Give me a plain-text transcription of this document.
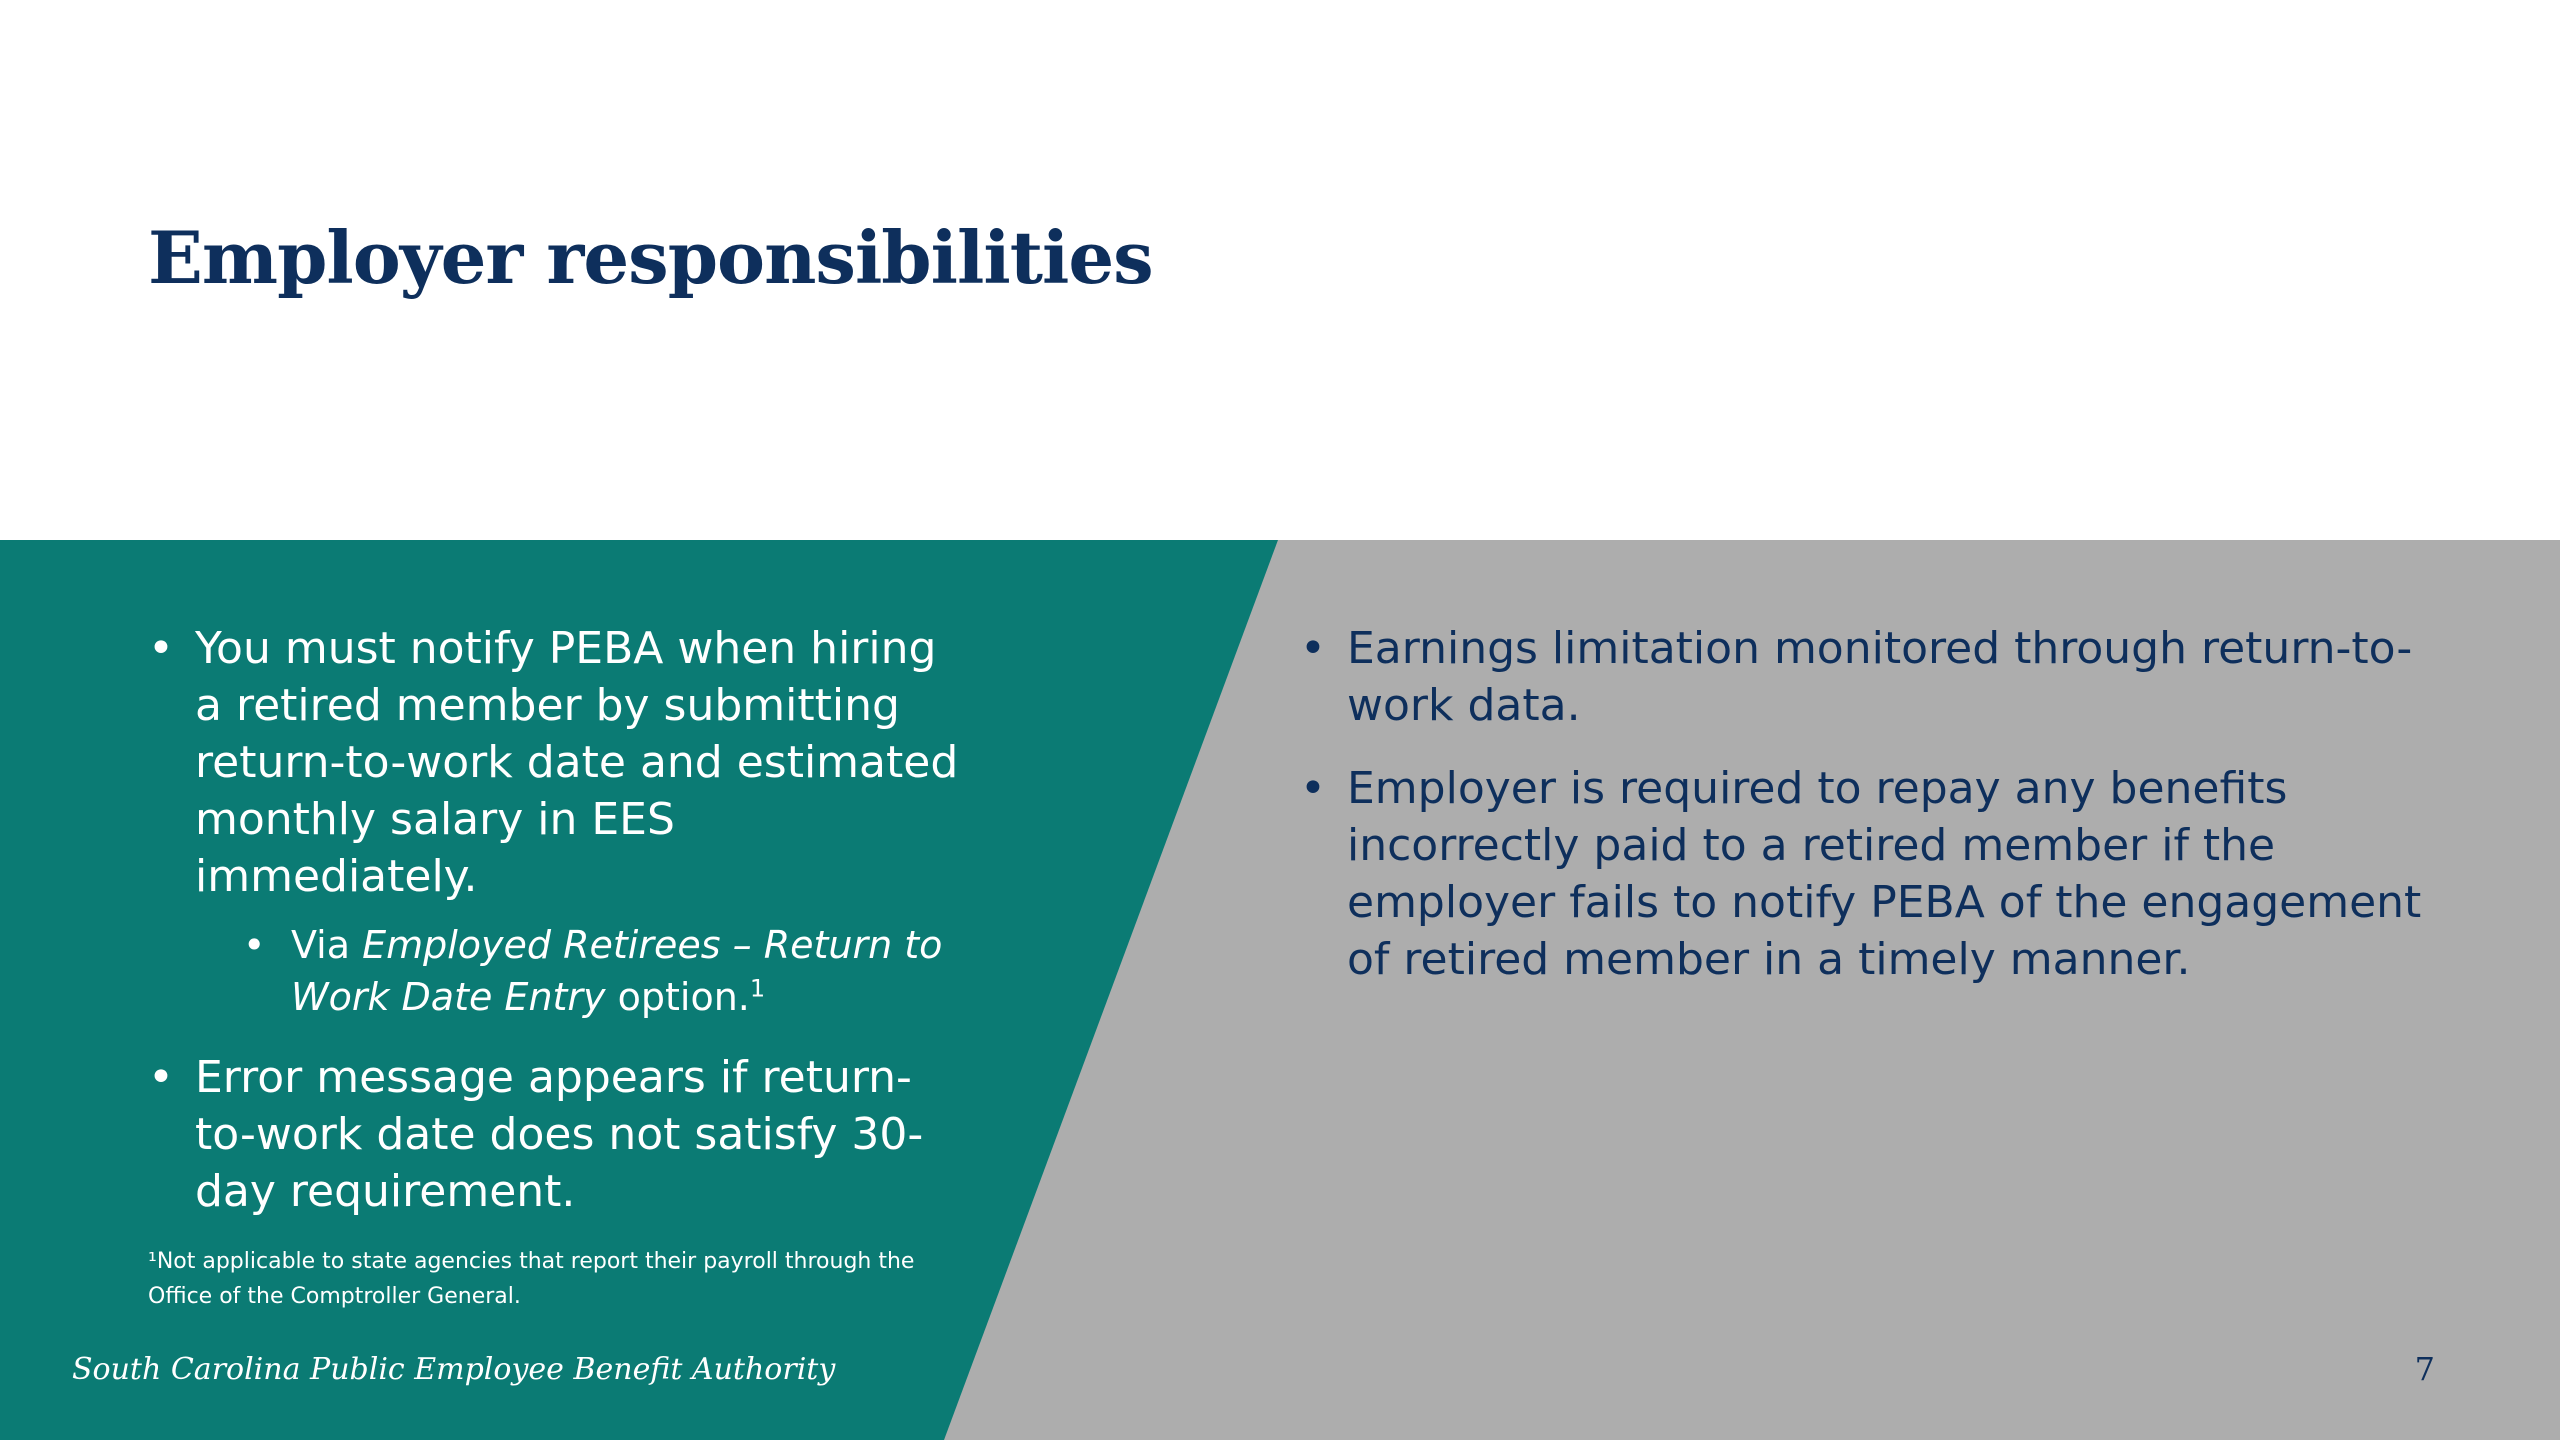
Employer responsibilities
• You must notify PEBA when hiring a retired member by submitting return-to-work date and estimated monthly salary in EES immediately.
• Via Employed Retirees – Return to Work Date Entry option.$^1$
• Error message appears if return-to-work date does not satisfy 30-day requirement.

¹Not applicable to state agencies that report their payroll through the Office of the Comptroller General.

• Earnings limitation monitored through return-to-work data.
• Employer is required to repay any benefits incorrectly paid to a retired member if the employer fails to notify PEBA of the engagement of retired member in a timely manner.

South Carolina Public Employee Benefit Authority	7
